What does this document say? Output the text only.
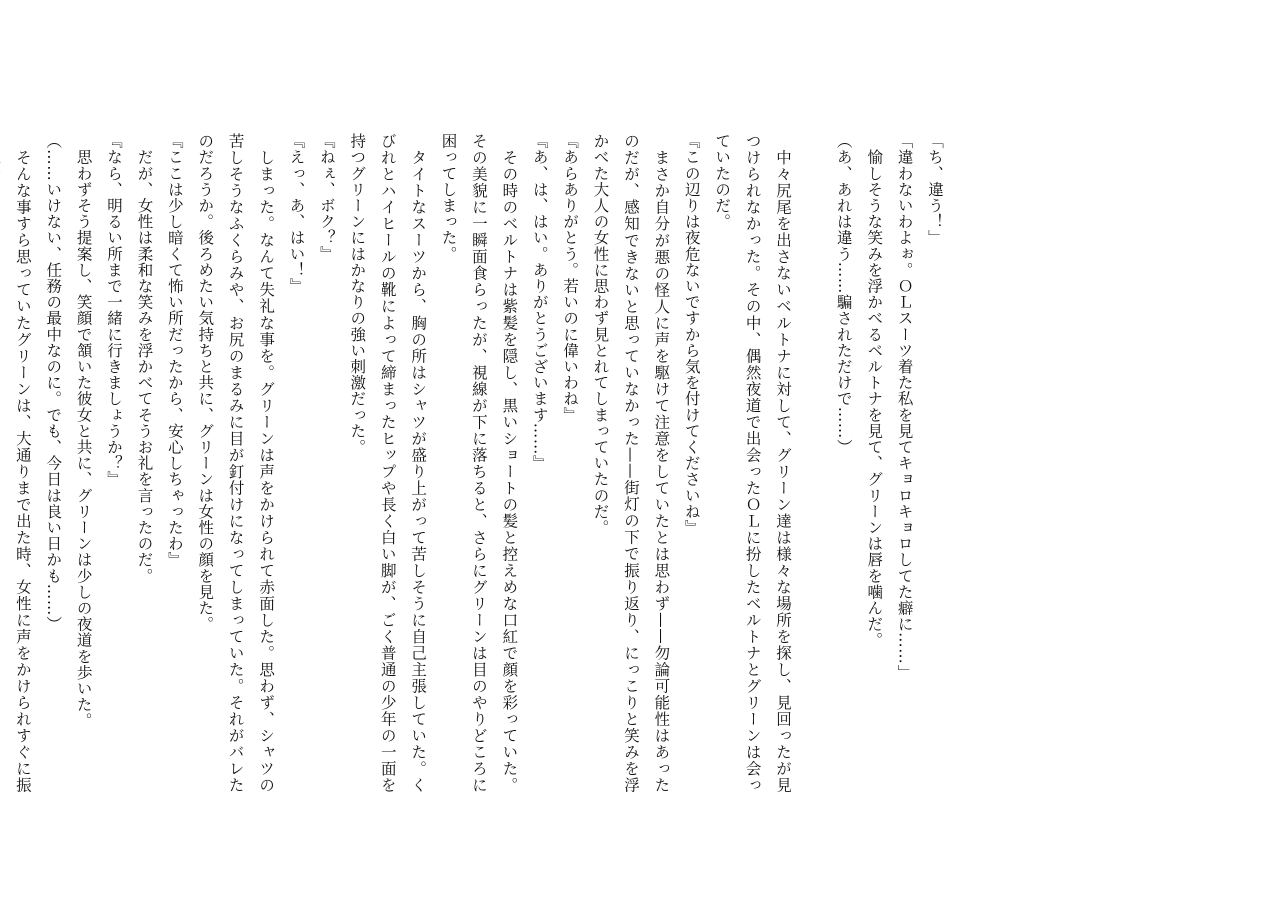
「ち、違う！」

「違わないわよぉ。ＯＬスーツ着た私を見てキョロキョロしてた癖に……」

　愉しそうな笑みを浮かべるベルトナを見て、グリーンは唇を噛んだ。

（あ、あれは違う……騙されただけで……）

　中々尻尾を出さないベルトナに対して、グリーン達は様々な場所を探し、見回ったが見つけられなかった。その中、偶然夜道で出会ったＯＬに扮したベルトナとグリーンは会っていたのだ。

『この辺りは夜危ないですから気を付けてくださいね』

　まさか自分が悪の怪人に声を駆けて注意をしていたとは思わず——勿論可能性はあったのだが、感知できないと思っていなかった——街灯の下で振り返り、にっこりと笑みを浮かべた大人の女性に思わず見とれてしまっていたのだ。

『あらありがとう。若いのに偉いわね』

『あ、は、はい。ありがとうございます……』

　その時のベルトナは紫髪を隠し、黒いショートの髪と控えめな口紅で顔を彩っていた。その美貌に一瞬面食らったが、視線が下に落ちると、さらにグリーンは目のやりどころに困ってしまった。

　タイトなスーツから、胸の所はシャツが盛り上がって苦しそうに自己主張していた。くびれとハイヒールの靴によって締まったヒップや長く白い脚が、ごく普通の少年の一面を持つグリーンにはかなりの強い刺激だった。

『ねぇ、ボク？』

『えっ、あ、はい！』

　しまった。なんて失礼な事を。グリーンは声をかけられて赤面した。思わず、シャツの苦しそうなふくらみや、お尻のまるみに目が釘付けになってしまっていた。それがバレたのだろうか。後ろめたい気持ちと共に、グリーンは女性の顔を見た。

『ここは少し暗くて怖い所だったから、安心しちゃったわ』

　だが、女性は柔和な笑みを浮かべてそうお礼を言ったのだ。

『なら、明るい所まで一緒に行きましょうか？』

　思わずそう提案し、笑顔で頷いた彼女と共に、グリーンは少しの夜道を歩いた。

（……いけない、任務の最中なのに。でも、今日は良い日かも……）

　そんな事すら思っていたグリーンは、大通りまで出た時、女性に声をかけられすぐに振
